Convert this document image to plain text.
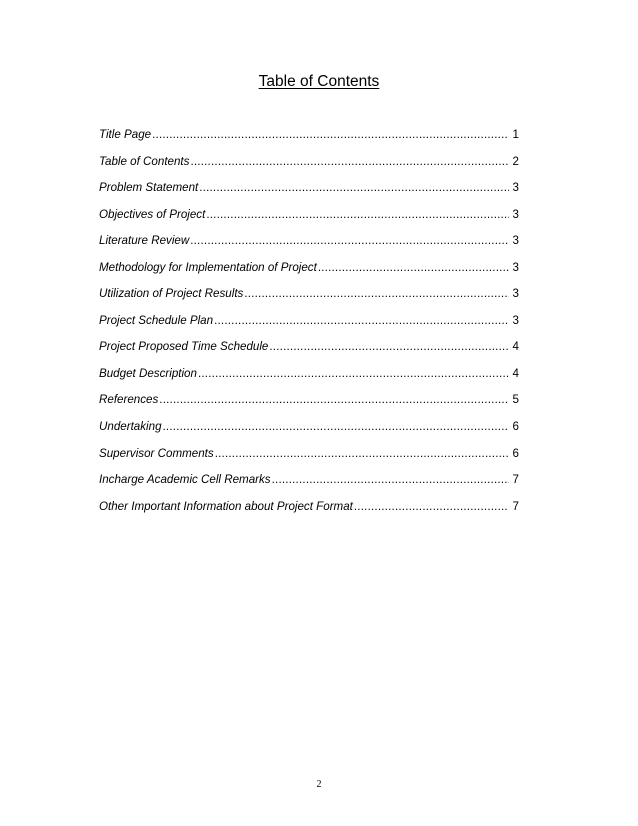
Table of Contents
Title Page .....	1
Table of Contents .....	2
Problem Statement .....	3
Objectives of Project .....	3
Literature Review .....	3
Methodology for Implementation of Project .....	3
Utilization of Project Results .....	3
Project Schedule Plan .....	3
Project Proposed Time Schedule .....	4
Budget Description .....	4
References .....	5
Undertaking .....	6
Supervisor Comments .....	6
Incharge Academic Cell Remarks .....	7
Other Important Information about Project Format .....	7
2
